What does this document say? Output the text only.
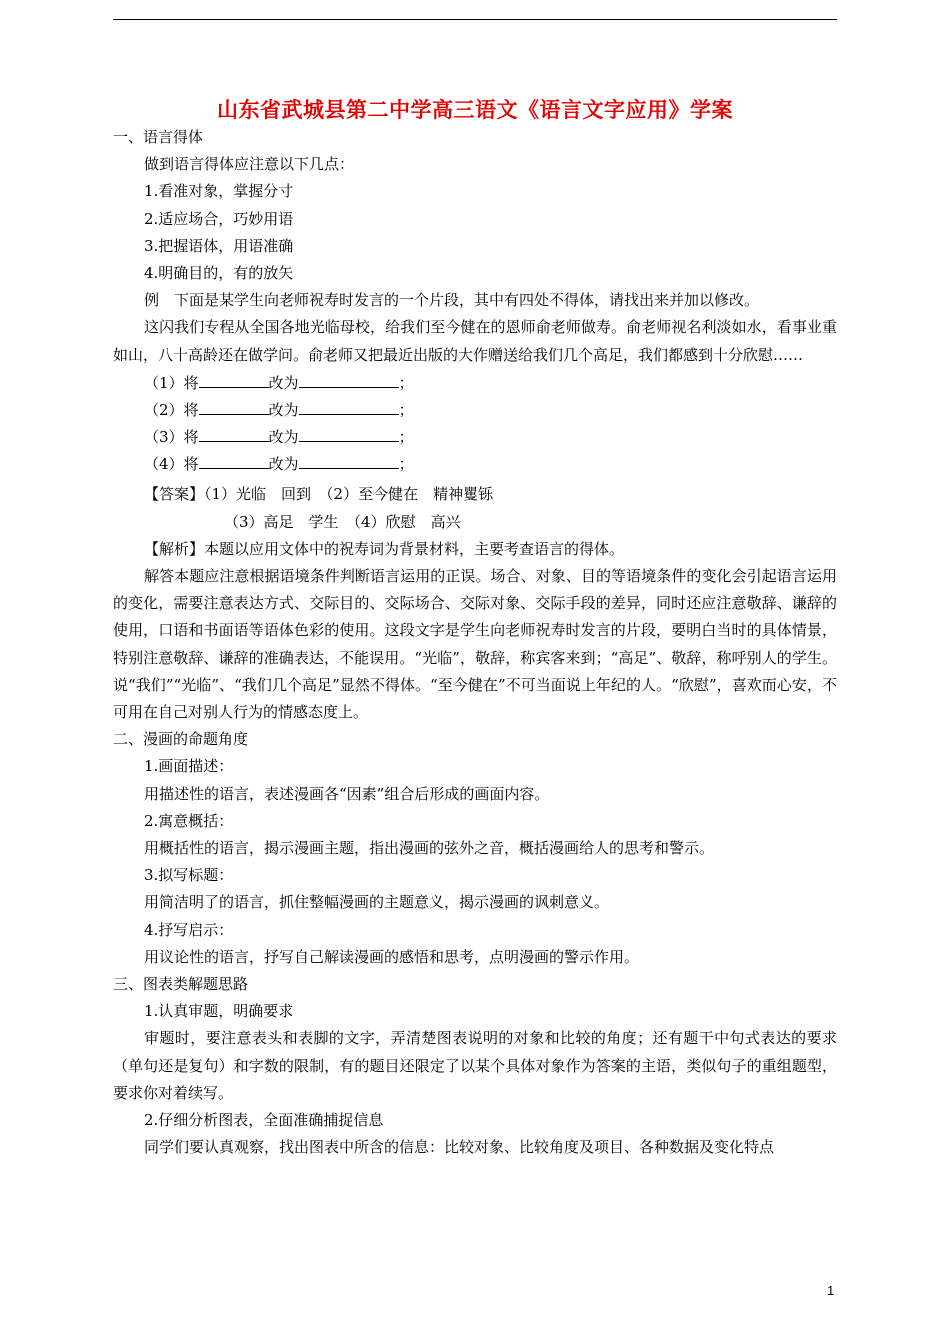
山东省武城县第二中学高三语文《语言文字应用》学案
一、语言得体
做到语言得体应注意以下几点：
1.看准对象，掌握分寸
2.适应场合，巧妙用语
3.把握语体，用语准确
4.明确目的，有的放矢
例　下面是某学生向老师祝寿时发言的一个片段，其中有四处不得体，请找出来并加以修改。
这闪我们专程从全国各地光临母校，给我们至今健在的恩师俞老师做寿。俞老师视名利淡如水，看事业重如山，八十高龄还在做学问。俞老师又把最近出版的大作赠送给我们几个高足，我们都感到十分欣慰……
（1）将	改为	；
（2）将	改为	；
（3）将	改为	；
（4）将	改为	；
【答案】（1）光临　回到　（2）至今健在　精神矍铄
（3）高足　学生　（4）欣慰　高兴
【解析】本题以应用文体中的祝寿词为背景材料，主要考查语言的得体。
解答本题应注意根据语境条件判断语言运用的正误。场合、对象、目的等语境条件的变化会引起语言运用的变化，需要注意表达方式、交际目的、交际场合、交际对象、交际手段的差异，同时还应注意敬辞、谦辞的使用，口语和书面语等语体色彩的使用。这段文字是学生向老师祝寿时发言的片段，要明白当时的具体情景，特别注意敬辞、谦辞的准确表达，不能误用。“光临”，敬辞，称宾客来到；“高足”、敬辞，称呼别人的学生。说“我们”“光临”、“我们几个高足”显然不得体。“至今健在”不可当面说上年纪的人。“欣慰”，喜欢而心安，不可用在自己对别人行为的情感态度上。
二、漫画的命题角度
1.画面描述：
用描述性的语言，表述漫画各“因素”组合后形成的画面内容。
2.寓意概括：
用概括性的语言，揭示漫画主题，指出漫画的弦外之音，概括漫画给人的思考和警示。
3.拟写标题：
用简洁明了的语言，抓住整幅漫画的主题意义，揭示漫画的讽刺意义。
4.抒写启示：
用议论性的语言，抒写自己解读漫画的感悟和思考，点明漫画的警示作用。
三、图表类解题思路
1.认真审题，明确要求
审题时，要注意表头和表脚的文字，弄清楚图表说明的对象和比较的角度；还有题干中句式表达的要求（单句还是复句）和字数的限制，有的题目还限定了以某个具体对象作为答案的主语，类似句子的重组题型，要求你对着续写。
2.仔细分析图表，全面准确捕捉信息
同学们要认真观察，找出图表中所含的信息：比较对象、比较角度及项目、各种数据及变化特点
1
